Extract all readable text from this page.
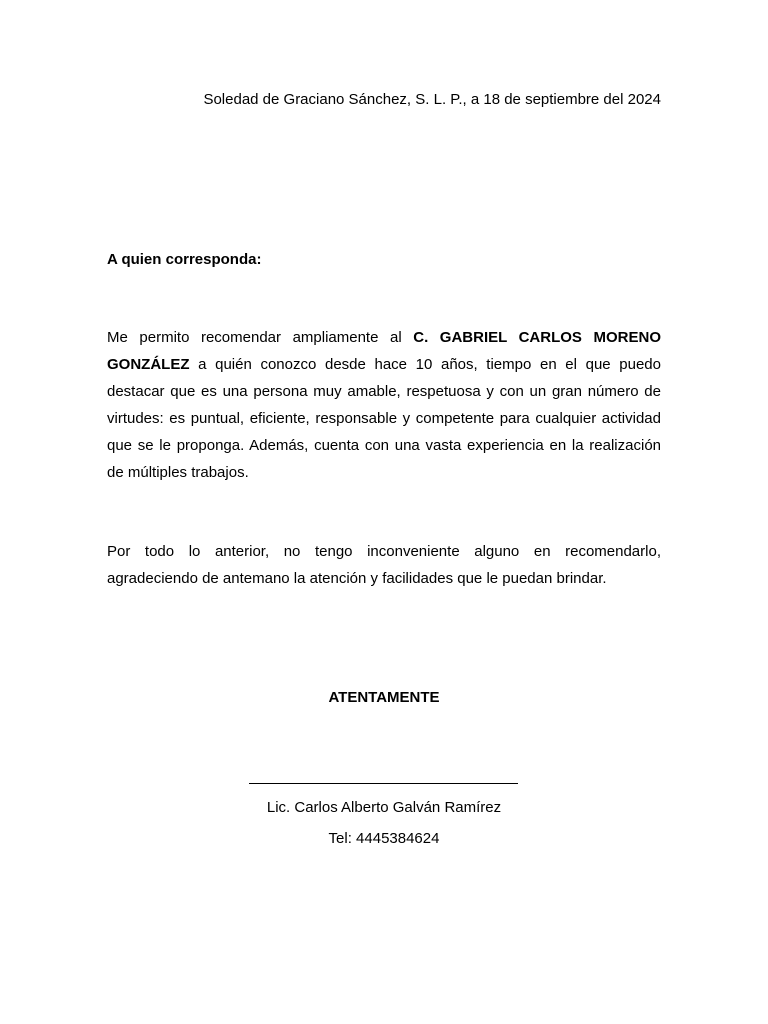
Soledad de Graciano Sánchez, S. L. P., a 18 de septiembre del 2024
A quien corresponda:

Me permito recomendar ampliamente al C. GABRIEL CARLOS MORENO GONZÁLEZ a quién conozco desde hace 10 años, tiempo en el que puedo destacar que es una persona muy amable, respetuosa y con un gran número de virtudes: es puntual, eficiente, responsable y competente para cualquier actividad que se le proponga. Además, cuenta con una vasta experiencia en la realización de múltiples trabajos.

Por todo lo anterior, no tengo inconveniente alguno en recomendarlo, agradeciendo de antemano la atención y facilidades que le puedan brindar.

ATENTAMENTE
Lic. Carlos Alberto Galván Ramírez
Tel: 4445384624
